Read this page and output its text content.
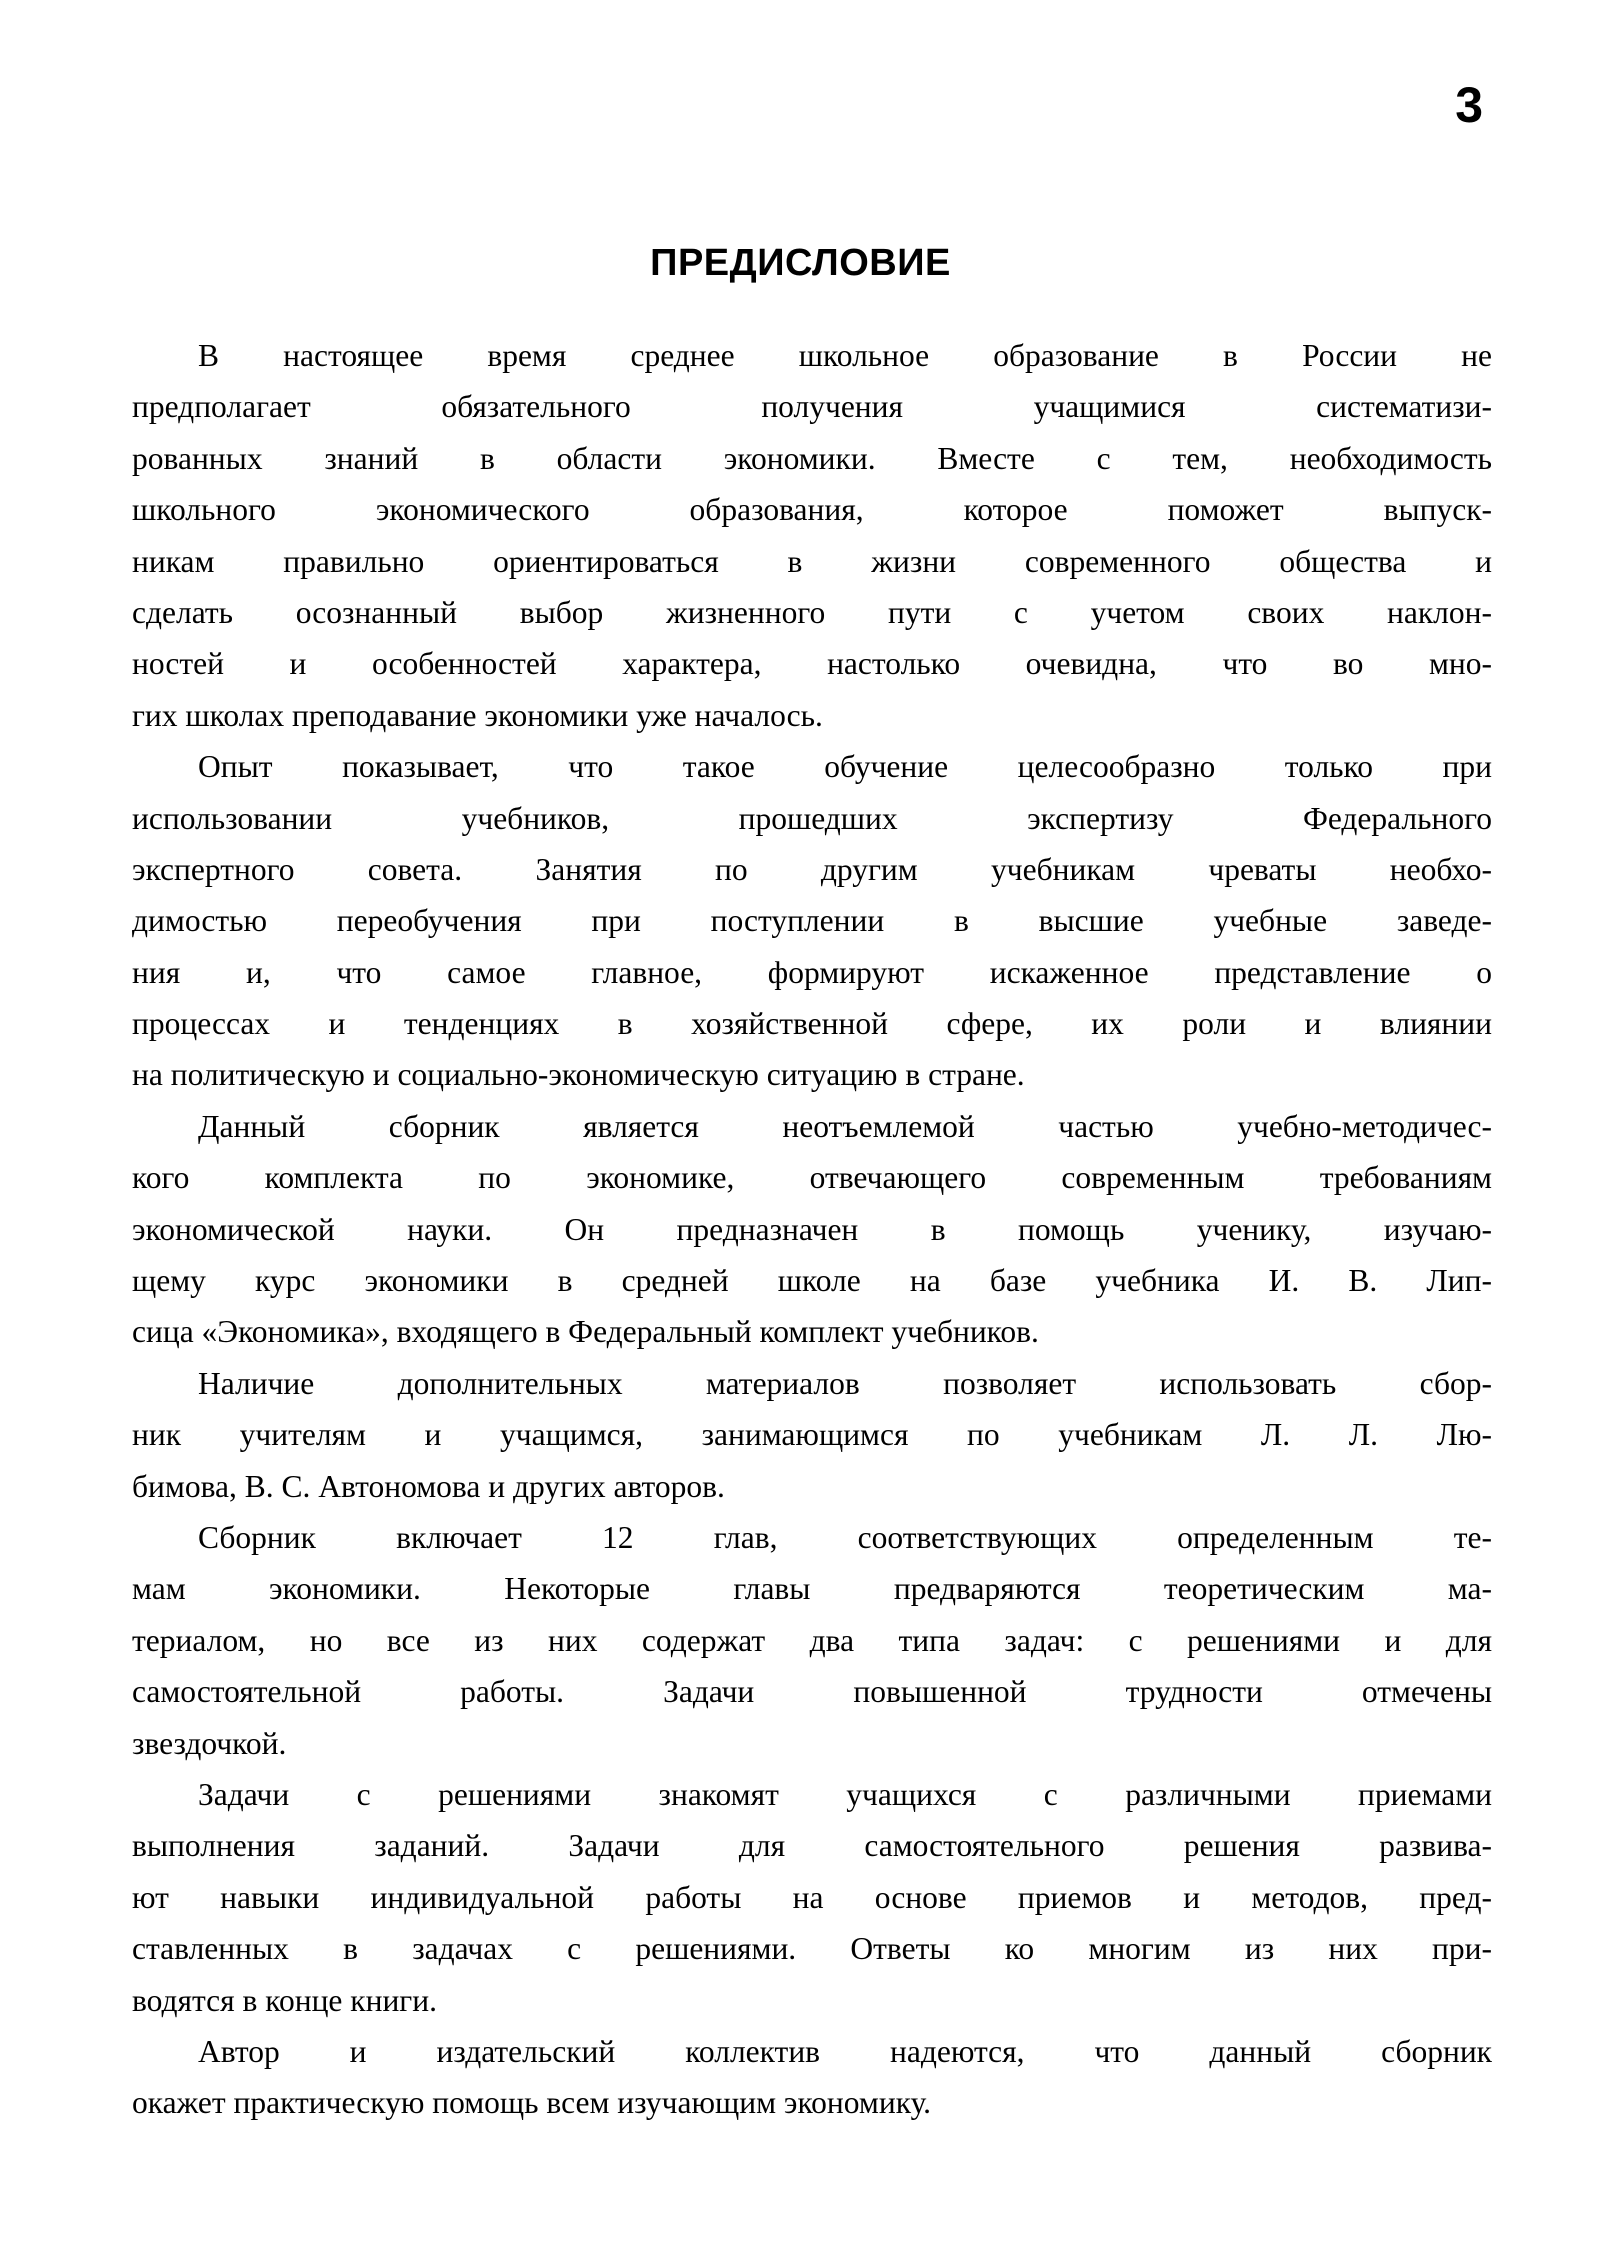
3
ПРЕДИСЛОВИЕ
В настоящее время среднее школьное образование в России не
предполагает обязательного получения учащимися систематизи-
рованных знаний в области экономики. Вместе с тем, необходимость
школьного экономического образования, которое поможет выпуск-
никам правильно ориентироваться в жизни современного общества и
сделать осознанный выбор жизненного пути с учетом своих наклон-
ностей и особенностей характера, настолько очевидна, что во мно-
гих школах преподавание экономики уже началось.
Опыт показывает, что такое обучение целесообразно только при
использовании учебников, прошедших экспертизу Федерального
экспертного совета. Занятия по другим учебникам чреваты необхо-
димостью переобучения при поступлении в высшие учебные заведе-
ния и, что самое главное, формируют искаженное представление о
процессах и тенденциях в хозяйственной сфере, их роли и влиянии
на политическую и социально-экономическую ситуацию в стране.
Данный сборник является неотъемлемой частью учебно-методичес-
кого комплекта по экономике, отвечающего современным требованиям
экономической науки. Он предназначен в помощь ученику, изучаю-
щему курс экономики в средней школе на базе учебника И. В. Лип-
сица «Экономика», входящего в Федеральный комплект учебников.
Наличие дополнительных материалов позволяет использовать сбор-
ник учителям и учащимся, занимающимся по учебникам Л. Л. Лю-
бимова, В. С. Автономова и других авторов.
Сборник включает 12 глав, соответствующих определенным те-
мам экономики. Некоторые главы предваряются теоретическим ма-
териалом, но все из них содержат два типа задач: с решениями и для
самостоятельной работы. Задачи повышенной трудности отмечены
звездочкой.
Задачи с решениями знакомят учащихся с различными приемами
выполнения заданий. Задачи для самостоятельного решения развива-
ют навыки индивидуальной работы на основе приемов и методов, пред-
ставленных в задачах с решениями. Ответы ко многим из них при-
водятся в конце книги.
Автор и издательский коллектив надеются, что данный сборник
окажет практическую помощь всем изучающим экономику.
